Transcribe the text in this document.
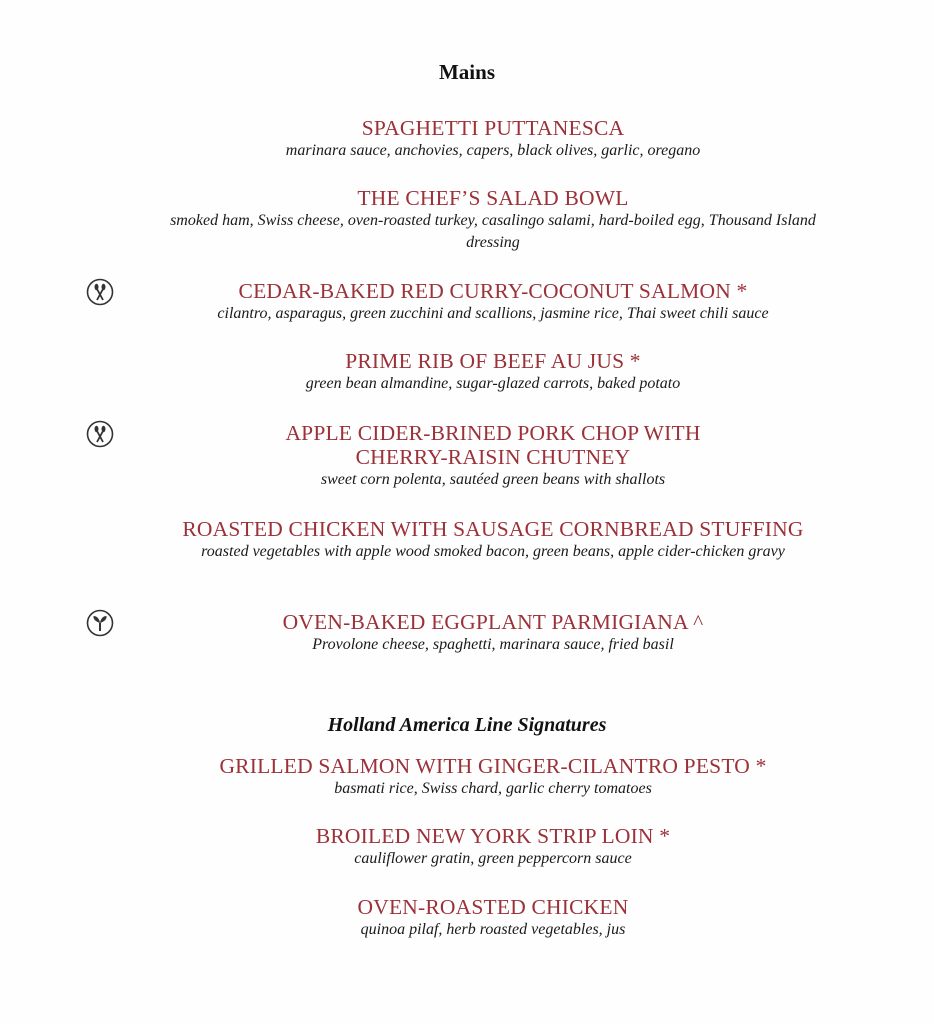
Mains
SPAGHETTI PUTTANESCA
marinara sauce, anchovies, capers, black olives, garlic, oregano
THE CHEF’S SALAD BOWL
smoked ham, Swiss cheese, oven-roasted turkey, casalingo salami, hard-boiled egg, Thousand Island dressing
CEDAR-BAKED RED CURRY-COCONUT SALMON *
cilantro, asparagus, green zucchini and scallions, jasmine rice, Thai sweet chili sauce
PRIME RIB OF BEEF AU JUS *
green bean almandine, sugar-glazed carrots, baked potato
APPLE CIDER-BRINED PORK CHOP WITH CHERRY-RAISIN CHUTNEY
sweet corn polenta, sautéed green beans with shallots
ROASTED CHICKEN WITH SAUSAGE CORNBREAD STUFFING
roasted vegetables with apple wood smoked bacon, green beans, apple cider-chicken gravy
OVEN-BAKED EGGPLANT PARMIGIANA ^
Provolone cheese, spaghetti, marinara sauce, fried basil
Holland America Line Signatures
GRILLED SALMON WITH GINGER-CILANTRO PESTO *
basmati rice, Swiss chard, garlic cherry tomatoes
BROILED NEW YORK STRIP LOIN *
cauliflower gratin, green peppercorn sauce
OVEN-ROASTED CHICKEN
quinoa pilaf, herb roasted vegetables, jus
